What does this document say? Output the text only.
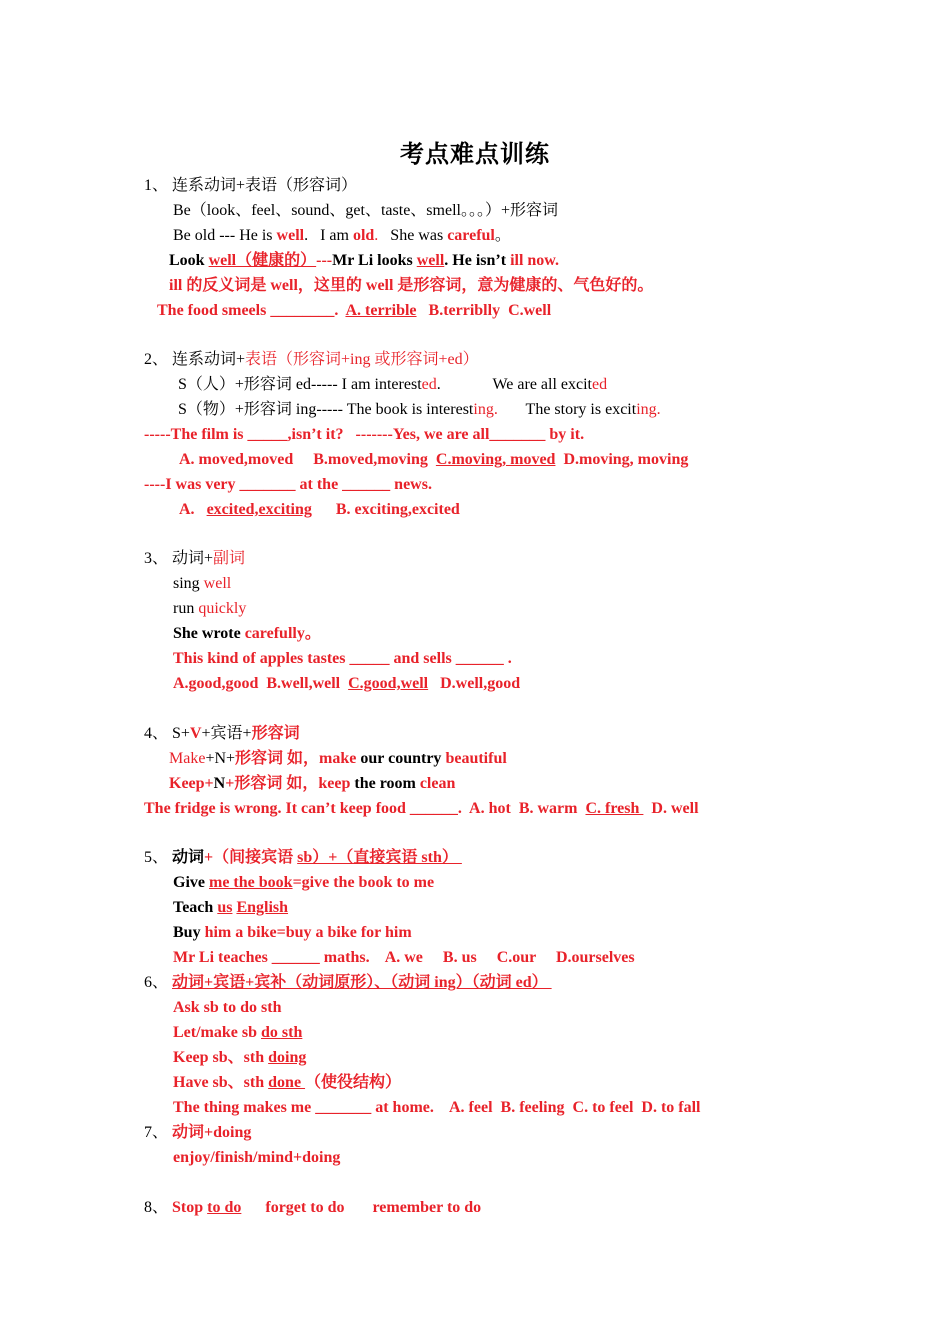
考点难点训练
1、 连系动词+表语（形容词）
Be（look、feel、sound、get、taste、smell。。。）+形容词
Be old --- He is well.   I am old.   She was careful。
Look well（健康的）---Mr Li looks well. He isn’t ill now.
ill 的反义词是 well，这里的 well 是形容词，意为健康的、气色好的。
The food smeels ________.  A. terrible   B.terriblly  C.well
2、 连系动词+表语（形容词+ing 或形容词+ed）
S（人）+形容词 ed----- I am interested.             We are all excited
S（物）+形容词 ing----- The book is interesting.       The story is exciting.
-----The film is _____,isn’t it?   -------Yes, we are all_______ by it.
A. moved,moved     B.moved,moving  C.moving, moved  D.moving, moving
----I was very _______ at the ______ news.
A.   excited,exciting      B. exciting,excited
3、 动词+副词
sing well
run quickly
She wrote carefully。
This kind of apples tastes _____ and sells ______ .
A.good,good  B.well,well  C.good,well   D.well,good
4、 S+V+宾语+形容词
Make+N+形容词 如，make our country beautiful
Keep+N+形容词 如，keep the room clean
The fridge is wrong. It can’t keep food ______.  A. hot  B. warm  C. fresh   D. well
5、 动词+（间接宾语 sb）+（直接宾语 sth）
Give me the book=give the book to me
Teach us English
Buy him a bike=buy a bike for him
Mr Li teaches ______ maths.    A. we     B. us     C.our     D.ourselves
6、 动词+宾语+宾补（动词原形）、（动词 ing）（动词 ed）
Ask sb to do sth
Let/make sb do sth
Keep sb、sth doing
Have sb、sth done （使役结构）
The thing makes me _______ at home.    A. feel  B. feeling  C. to feel  D. to fall
7、 动词+doing
enjoy/finish/mind+doing
8、 Stop to do      forget to do       remember to do
